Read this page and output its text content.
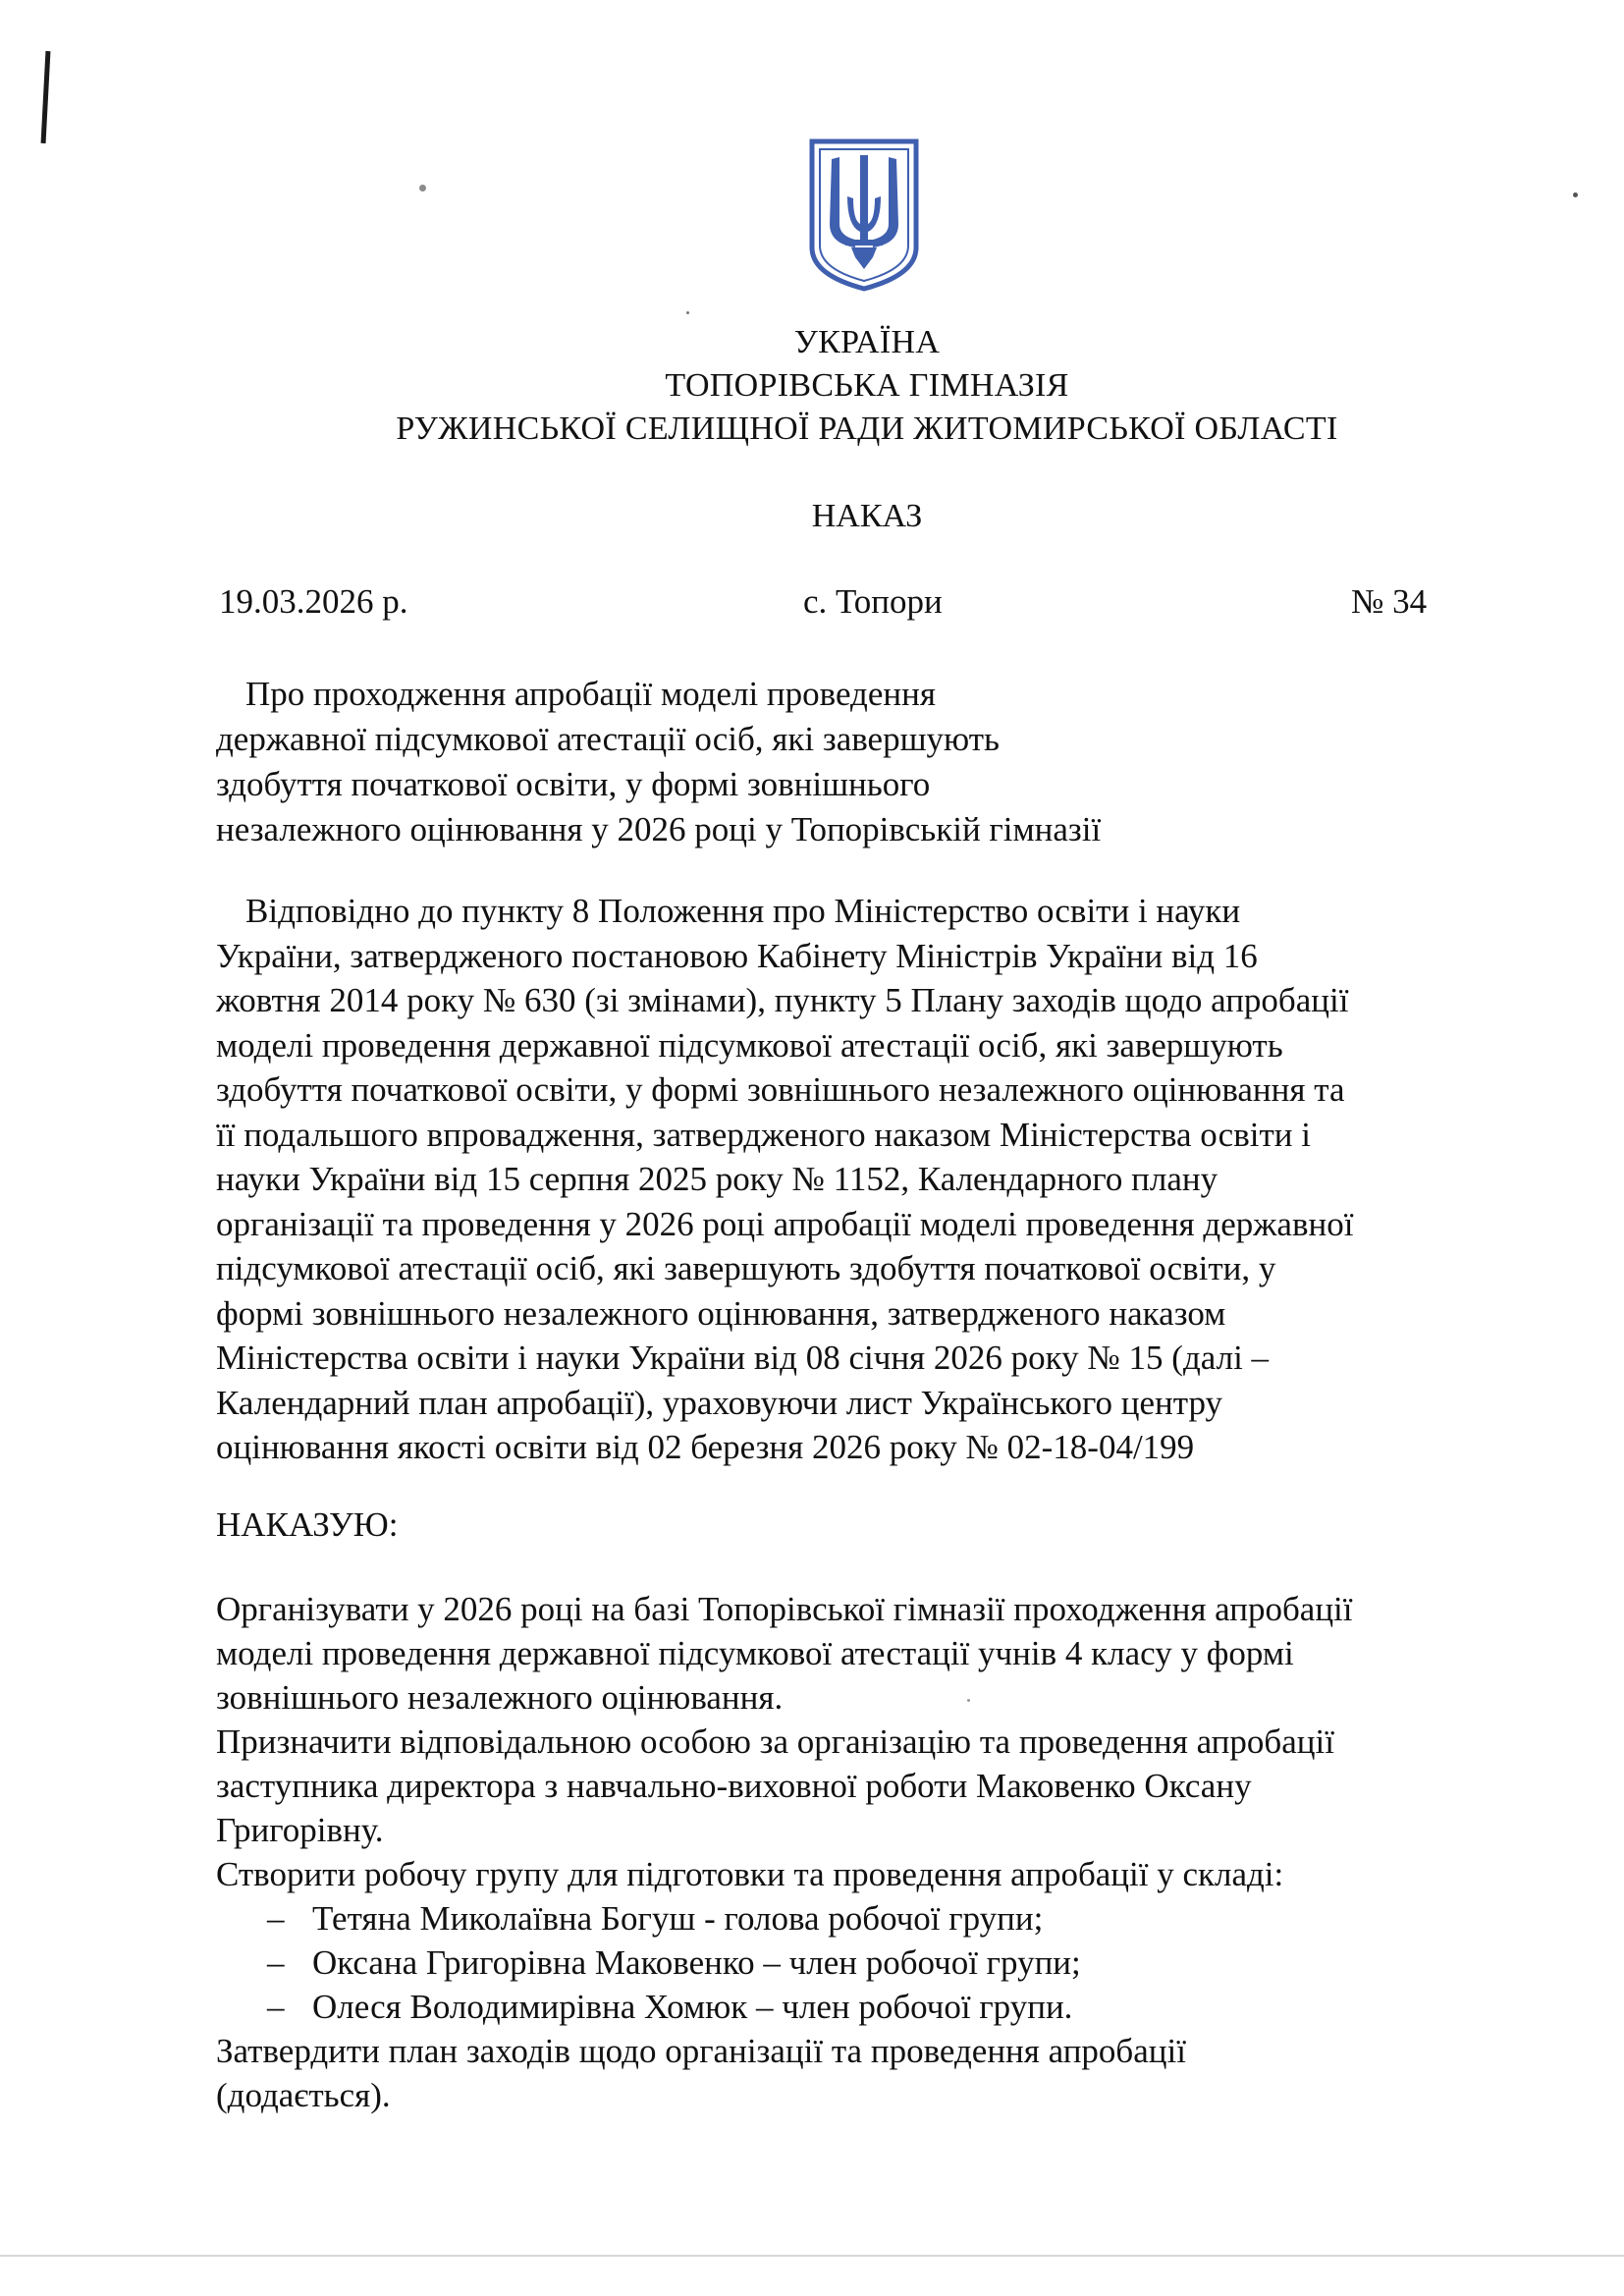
УКРАЇНА
ТОПОРІВСЬКА ГІМНАЗІЯ
РУЖИНСЬКОЇ СЕЛИЩНОЇ РАДИ ЖИТОМИРСЬКОЇ ОБЛАСТІ
НАКАЗ
19.03.2026 р.	с. Топори	№ 34
Про проходження апробації моделі проведення
державної підсумкової атестації осіб, які завершують
здобуття початкової освіти, у формі зовнішнього
незалежного оцінювання у 2026 році у Топорівській гімназії
Відповідно до пункту 8 Положення про Міністерство освіти і науки
України, затвердженого постановою Кабінету Міністрів України від 16
жовтня 2014 року № 630 (зі змінами), пункту 5 Плану заходів щодо апробації
моделі проведення державної підсумкової атестації осіб, які завершують
здобуття початкової освіти, у формі зовнішнього незалежного оцінювання та
її подальшого впровадження, затвердженого наказом Міністерства освіти і
науки України від 15 серпня 2025 року № 1152, Календарного плану
організації та проведення у 2026 році апробації моделі проведення державної
підсумкової атестації осіб, які завершують здобуття початкової освіти, у
формі зовнішнього незалежного оцінювання, затвердженого наказом
Міністерства освіти і науки України від 08 січня 2026 року № 15 (далі –
Календарний план апробації), ураховуючи лист Українського центру
оцінювання якості освіти від 02 березня 2026 року № 02-18-04/199
НАКАЗУЮ:
Організувати у 2026 році на базі Топорівської гімназії проходження апробації
моделі проведення державної підсумкової атестації учнів 4 класу у формі
зовнішнього незалежного оцінювання.
Призначити відповідальною особою за організацію та проведення апробації
заступника директора з навчально-виховної роботи Маковенко Оксану
Григорівну.
Створити робочу групу для підготовки та проведення апробації у складі:
– Тетяна Миколаївна Богуш - голова робочої групи;
– Оксана Григорівна Маковенко – член робочої групи;
– Олеся Володимирівна Хомюк – член робочої групи.
Затвердити план заходів щодо організації та проведення апробації
(додається).
